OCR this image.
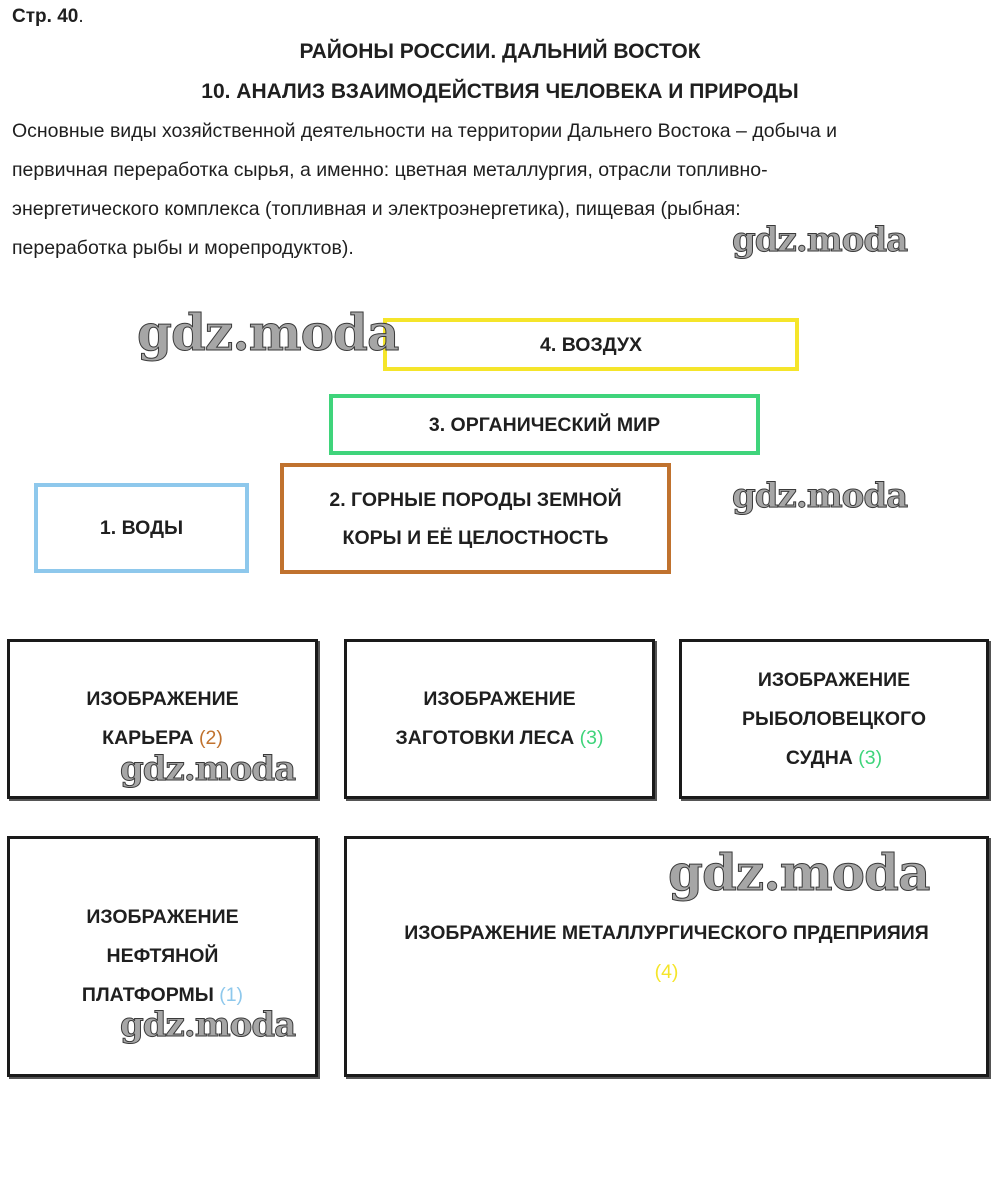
Стр. 40.
РАЙОНЫ РОССИИ. ДАЛЬНИЙ ВОСТОК
10. АНАЛИЗ ВЗАИМОДЕЙСТВИЯ ЧЕЛОВЕКА И ПРИРОДЫ
Основные виды хозяйственной деятельности на территории Дальнего Востока – добыча и
первичная переработка сырья, а именно: цветная металлургия, отрасли топливно-
энергетического комплекса (топливная и электроэнергетика), пищевая (рыбная:
переработка рыбы и морепродуктов).
4. ВОЗДУХ
3. ОРГАНИЧЕСКИЙ МИР
2. ГОРНЫЕ ПОРОДЫ ЗЕМНОЙ
КОРЫ И ЕЁ ЦЕЛОСТНОСТЬ
1. ВОДЫ
ИЗОБРАЖЕНИЕ
КАРЬЕРА (2)
ИЗОБРАЖЕНИЕ
ЗАГОТОВКИ ЛЕСА (3)
ИЗОБРАЖЕНИЕ
РЫБОЛОВЕЦКОГО
СУДНА (3)
ИЗОБРАЖЕНИЕ
НЕФТЯНОЙ
ПЛАТФОРМЫ (1)
ИЗОБРАЖЕНИЕ МЕТАЛЛУРГИЧЕСКОГО ПРДЕПРИЯИЯ
(4)
gdz.moda
gdz.moda
gdz.moda
gdz.moda
gdz.moda
gdz.moda
